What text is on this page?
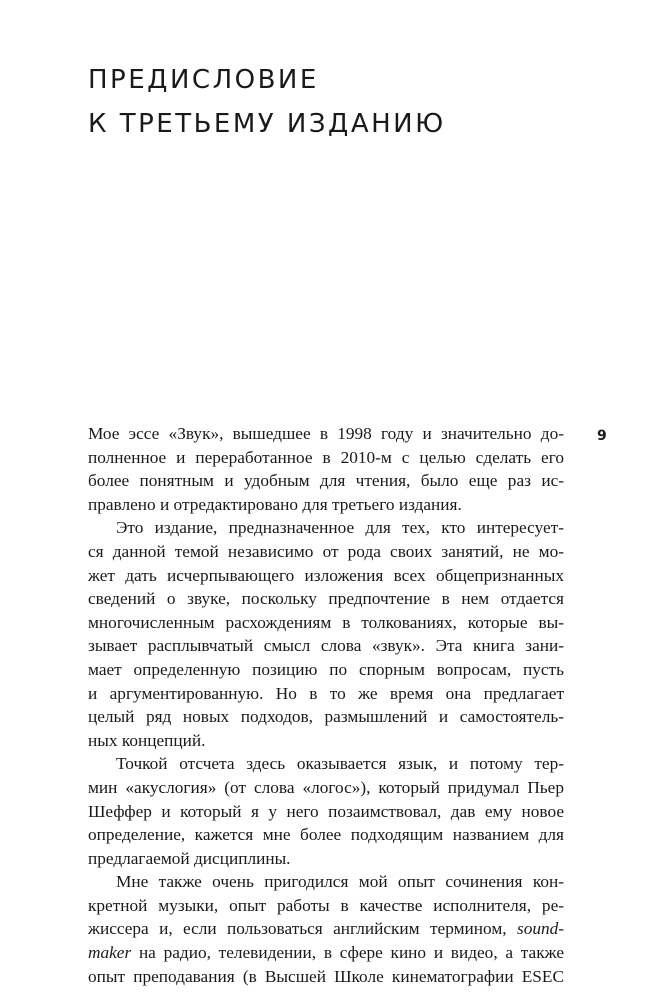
ПРЕДИСЛОВИЕ
К ТРЕТЬЕМУ ИЗДАНИЮ
9
Мое эссе «Звук», вышедшее в 1998 году и значительно до-
полненное и переработанное в 2010-м с целью сделать его
более понятным и удобным для чтения, было еще раз ис-
правлено и отредактировано для третьего издания.
Это издание, предназначенное для тех, кто интересует-
ся данной темой независимо от рода своих занятий, не мо-
жет дать исчерпывающего изложения всех общепризнанных
сведений о звуке, поскольку предпочтение в нем отдается
многочисленным расхождениям в толкованиях, которые вы-
зывает расплывчатый смысл слова «звук». Эта книга зани-
мает определенную позицию по спорным вопросам, пусть
и аргументированную. Но в то же время она предлагает
целый ряд новых подходов, размышлений и самостоятель-
ных концепций.
Точкой отсчета здесь оказывается язык, и потому тер-
мин «акуслогия» (от слова «логос»), который придумал Пьер
Шеффер и который я у него позаимствовал, дав ему новое
определение, кажется мне более подходящим названием для
предлагаемой дисциплины.
Мне также очень пригодился мой опыт сочинения кон-
кретной музыки, опыт работы в качестве исполнителя, ре-
жиссера и, если пользоваться английским термином, sound-
maker на радио, телевидении, в сфере кино и видео, а также
опыт преподавания (в Высшей Школе кинематографии ESEC
